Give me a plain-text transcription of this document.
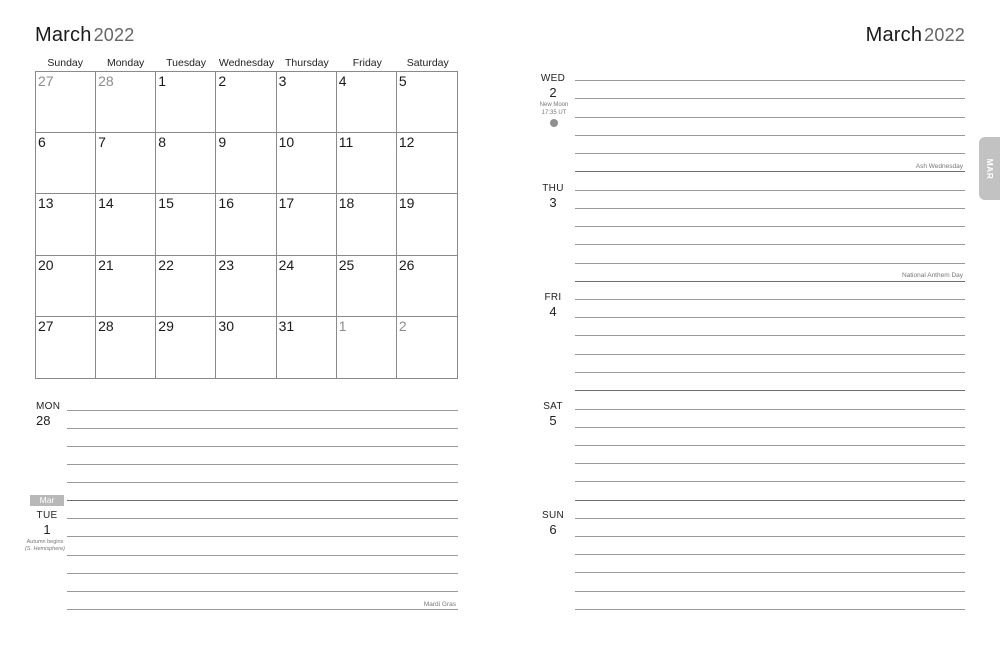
March 2022	March 2022
Sunday	Monday	Tuesday	Wednesday	Thursday	Friday	Saturday
27	28	1	2	3	4	5
6	7	8	9	10	11	12
13	14	15	16	17	18	19
20	21	22	23	24	25	26
27	28	29	30	31	1	2
MON
28
Mar
TUE
1
Autumn begins
(S. Hemisphere)
Mardi Gras
WED
2
New Moon
17:35 UT
Ash Wednesday
THU
3
National Anthem Day
FRI
4
SAT
5
SUN
6
MAR
